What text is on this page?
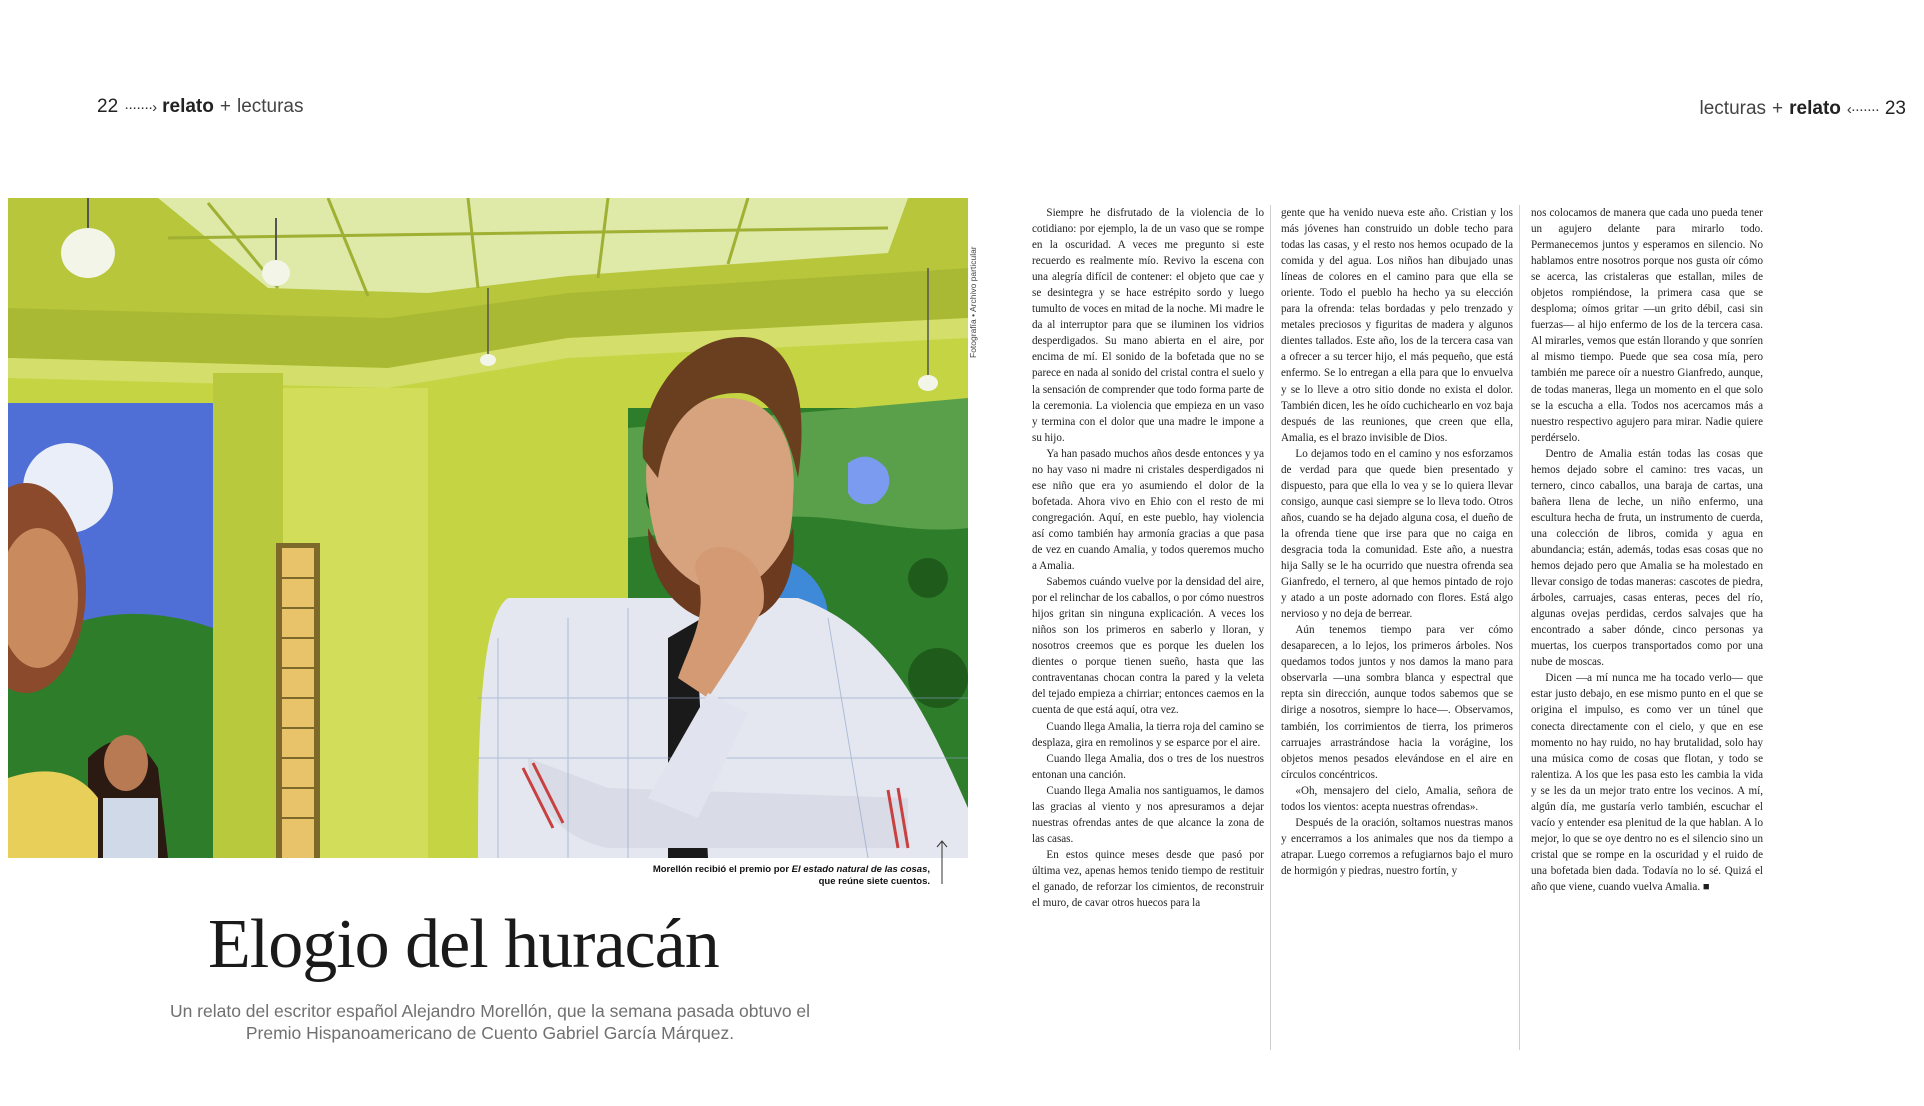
22 ·······› relato + lecturas	lecturas + relato ‹······· 23
Fotografía • Archivo particular
Morellón recibió el premio por El estado natural de las cosas, que reúne siete cuentos.
Elogio del huracán

Un relato del escritor español Alejandro Morellón, que la semana pasada obtuvo el Premio Hispanoamericano de Cuento Gabriel García Márquez.

Siempre he disfrutado de la violencia de lo cotidiano: por ejemplo, la de un vaso que se rompe en la oscuridad. A veces me pregunto si este recuerdo es realmente mío. Revivo la escena con una alegría difícil de contener: el objeto que cae y se desintegra y se hace estrépito sordo y luego tumulto de voces en mitad de la noche. Mi madre le da al interruptor para que se iluminen los vidrios desperdigados. Su mano abierta en el aire, por encima de mí. El sonido de la bofetada que no se parece en nada al sonido del cristal contra el suelo y la sensación de comprender que todo forma parte de la ceremonia. La violencia que empieza en un vaso y termina con el dolor que una madre le impone a su hijo.

Ya han pasado muchos años desde entonces y ya no hay vaso ni madre ni cristales desperdigados ni ese niño que era yo asumiendo el dolor de la bofetada. Ahora vivo en Ehio con el resto de mi congregación. Aquí, en este pueblo, hay violencia así como también hay armonía gracias a que pasa de vez en cuando Amalia, y todos queremos mucho a Amalia.

Sabemos cuándo vuelve por la densidad del aire, por el relinchar de los caballos, o por cómo nuestros hijos gritan sin ninguna explicación. A veces los niños son los primeros en saberlo y lloran, y nosotros creemos que es porque les duelen los dientes o porque tienen sueño, hasta que las contraventanas chocan contra la pared y la veleta del tejado empieza a chirriar; entonces caemos en la cuenta de que está aquí, otra vez.

Cuando llega Amalia, la tierra roja del camino se desplaza, gira en remolinos y se esparce por el aire.

Cuando llega Amalia, dos o tres de los nuestros entonan una canción.

Cuando llega Amalia nos santiguamos, le damos las gracias al viento y nos apresuramos a dejar nuestras ofrendas antes de que alcance la zona de las casas.

En estos quince meses desde que pasó por última vez, apenas hemos tenido tiempo de restituir el ganado, de reforzar los cimientos, de reconstruir el muro, de cavar otros huecos para la

gente que ha venido nueva este año. Cristian y los más jóvenes han construido un doble techo para todas las casas, y el resto nos hemos ocupado de la comida y del agua. Los niños han dibujado unas líneas de colores en el camino para que ella se oriente. Todo el pueblo ha hecho ya su elección para la ofrenda: telas bordadas y pelo trenzado y metales preciosos y figuritas de madera y algunos dientes tallados. Este año, los de la tercera casa van a ofrecer a su tercer hijo, el más pequeño, que está enfermo. Se lo entregan a ella para que lo envuelva y se lo lleve a otro sitio donde no exista el dolor. También dicen, les he oído cuchichearlo en voz baja después de las reuniones, que creen que ella, Amalia, es el brazo invisible de Dios.

Lo dejamos todo en el camino y nos esforzamos de verdad para que quede bien presentado y dispuesto, para que ella lo vea y se lo quiera llevar consigo, aunque casi siempre se lo lleva todo. Otros años, cuando se ha dejado alguna cosa, el dueño de la ofrenda tiene que irse para que no caiga en desgracia toda la comunidad. Este año, a nuestra hija Sally se le ha ocurrido que nuestra ofrenda sea Gianfredo, el ternero, al que hemos pintado de rojo y atado a un poste adornado con flores. Está algo nervioso y no deja de berrear.

Aún tenemos tiempo para ver cómo desaparecen, a lo lejos, los primeros árboles. Nos quedamos todos juntos y nos damos la mano para observarla —una sombra blanca y espectral que repta sin dirección, aunque todos sabemos que se dirige a nosotros, siempre lo hace—. Observamos, también, los corrimientos de tierra, los primeros carruajes arrastrándose hacia la vorágine, los objetos menos pesados elevándose en el aire en círculos concéntricos.

«Oh, mensajero del cielo, Amalia, señora de todos los vientos: acepta nuestras ofrendas».

Después de la oración, soltamos nuestras manos y encerramos a los animales que nos da tiempo a atrapar. Luego corremos a refugiarnos bajo el muro de hormigón y piedras, nuestro fortín, y

nos colocamos de manera que cada uno pueda tener un agujero delante para mirarlo todo. Permanecemos juntos y esperamos en silencio. No hablamos entre nosotros porque nos gusta oír cómo se acerca, las cristaleras que estallan, miles de objetos rompiéndose, la primera casa que se desploma; oímos gritar —un grito débil, casi sin fuerzas— al hijo enfermo de los de la tercera casa. Al mirarles, vemos que están llorando y que sonríen al mismo tiempo. Puede que sea cosa mía, pero también me parece oír a nuestro Gianfredo, aunque, de todas maneras, llega un momento en el que solo se la escucha a ella. Todos nos acercamos más a nuestro respectivo agujero para mirar. Nadie quiere perdérselo.

Dentro de Amalia están todas las cosas que hemos dejado sobre el camino: tres vacas, un ternero, cinco caballos, una baraja de cartas, una bañera llena de leche, un niño enfermo, una escultura hecha de fruta, un instrumento de cuerda, una colección de libros, comida y agua en abundancia; están, además, todas esas cosas que no hemos dejado pero que Amalia se ha molestado en llevar consigo de todas maneras: cascotes de piedra, árboles, carruajes, casas enteras, peces del río, algunas ovejas perdidas, cerdos salvajes que ha encontrado a saber dónde, cinco personas ya muertas, los cuerpos transportados como por una nube de moscas.

Dicen —a mí nunca me ha tocado verlo— que estar justo debajo, en ese mismo punto en el que se origina el impulso, es como ver un túnel que conecta directamente con el cielo, y que en ese momento no hay ruido, no hay brutalidad, solo hay una música como de cosas que flotan, y todo se ralentiza. A los que les pasa esto les cambia la vida y se les da un mejor trato entre los vecinos. A mí, algún día, me gustaría verlo también, escuchar el vacío y entender esa plenitud de la que hablan. A lo mejor, lo que se oye dentro no es el silencio sino un cristal que se rompe en la oscuridad y el ruido de una bofetada bien dada. Todavía no lo sé. Quizá el año que viene, cuando vuelva Amalia. ■
